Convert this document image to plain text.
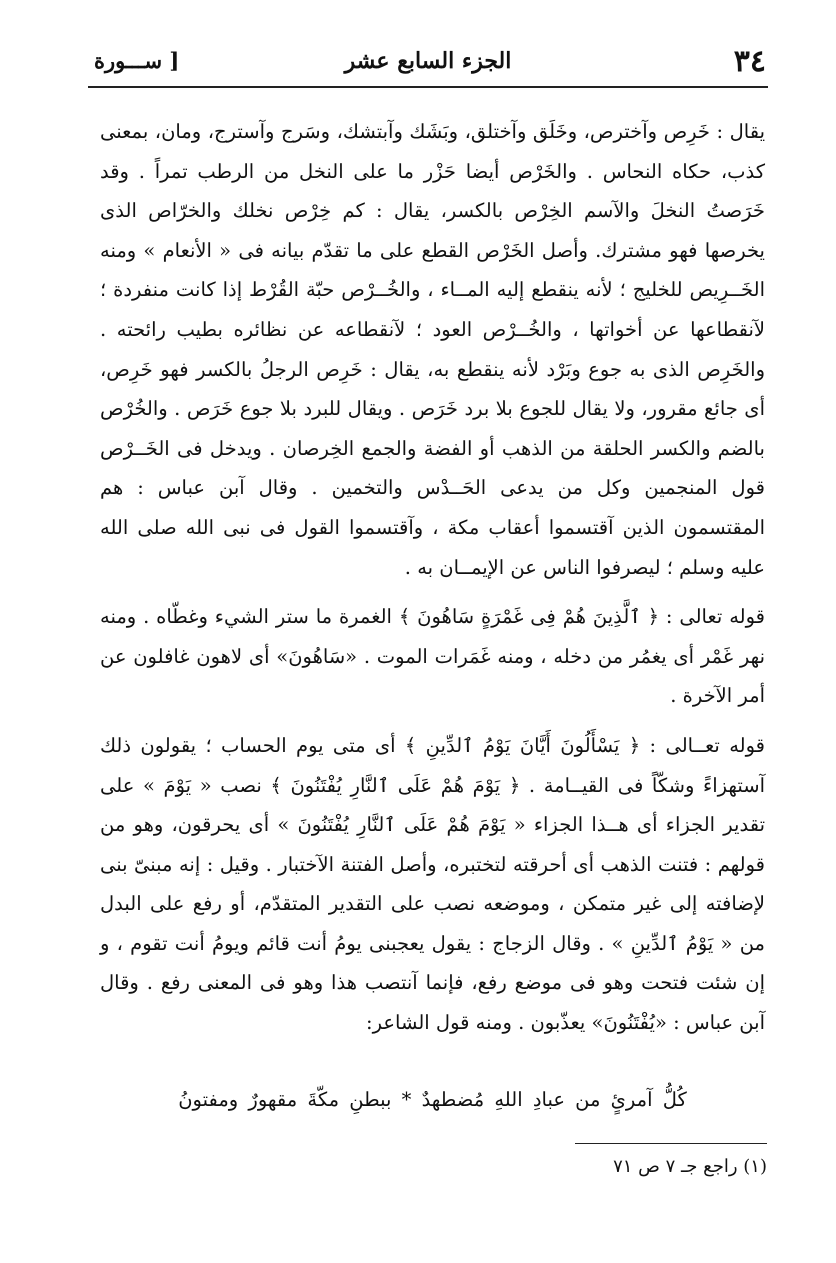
٣٤
الجزء السابع عشر
[ ســـورة

يقال : خَرِص وآخترص، وخَلَق وآختلق، وبَشَك وآبتشك، وسَرج وآسترج، ومان، بمعنى كذب، حكاه النحاس . والخَرْص أيضا حَزْر ما على النخل من الرطب تمراً . وقد خَرَصتُ النخلَ والآسم الخِرْص بالكسر، يقال : كم خِرْص نخلك والخرّاص الذى يخرصها فهو مشترك. وأصل الخَرْص القطع على ما تقدّم بيانه فى « الأنعام » ومنه الخَــرِيص للخليج ؛ لأنه ينقطع إليه المــاء ، والخُــرْص حبّة القُرْط إذا كانت منفردة ؛ لآنقطاعها عن أخواتها ، والخُــرْص العود ؛ لآنقطاعه عن نظائره بطيب رائحته . والخَرِص الذى به جوع وبَرْد لأنه ينقطع به، يقال : خَرِص الرجلُ بالكسر فهو خَرِص، أى جائع مقرور، ولا يقال للجوع بلا برد خَرَص . ويقال للبرد بلا جوع خَرَص . والخُرْص بالضم والكسر الحلقة من الذهب أو الفضة والجمع الخِرصان . ويدخل فى الخَــرْص قول المنجمين وكل من يدعى الحَــدْس والتخمين . وقال آبن عباس : هم المقتسمون الذين آقتسموا أعقاب مكة ، وآقتسموا القول فى نبى الله صلى الله عليه وسلم ؛ ليصرفوا الناس عن الإيمــان به .

قوله تعالى : ﴿ ٱلَّذِينَ هُمْ فِى غَمْرَةٍ سَاهُونَ ﴾ الغمرة ما ستر الشيء وغطّاه . ومنه نهر غَمْر أى يغمُر من دخله ، ومنه غَمَرات الموت . «سَاهُونَ» أى لاهون غافلون عن أمر الآخرة .

قوله تعــالى : ﴿ يَسْأَلُونَ أَيَّانَ يَوْمُ ٱلدِّينِ ﴾ أى متى يوم الحساب ؛ يقولون ذلك آستهزاءً وشكّاً فى القيــامة . ﴿ يَوْمَ هُمْ عَلَى ٱلنَّارِ يُفْتَنُونَ ﴾ نصب « يَوْمَ » على تقدير الجزاء أى هــذا الجزاء « يَوْمَ هُمْ عَلَى ٱلنَّارِ يُفْتَنُونَ » أى يحرقون، وهو من قولهم : فتنت الذهب أى أحرقته لتختبره، وأصل الفتنة الآختبار . وقيل : إنه مبنىّ بنى لإضافته إلى غير متمكن ، وموضعه نصب على التقدير المتقدّم، أو رفع على البدل من « يَوْمُ ٱلدِّينِ » . وقال الزجاج : يقول يعجبنى يومُ أنت قائم ويومُ أنت تقوم ، و إن شئت فتحت وهو فى موضع رفع، فإنما آنتصب هذا وهو فى المعنى رفع . وقال آبن عباس : «يُفْتَنُونَ» يعذّبون . ومنه قول الشاعر:

كُلُّ آمرئٍ من عبادِ اللهِ مُضطهدٌ * ببطنِ مكّةَ مقهورٌ ومفتونُ
(١) راجع جـ ٧ ص ٧١
